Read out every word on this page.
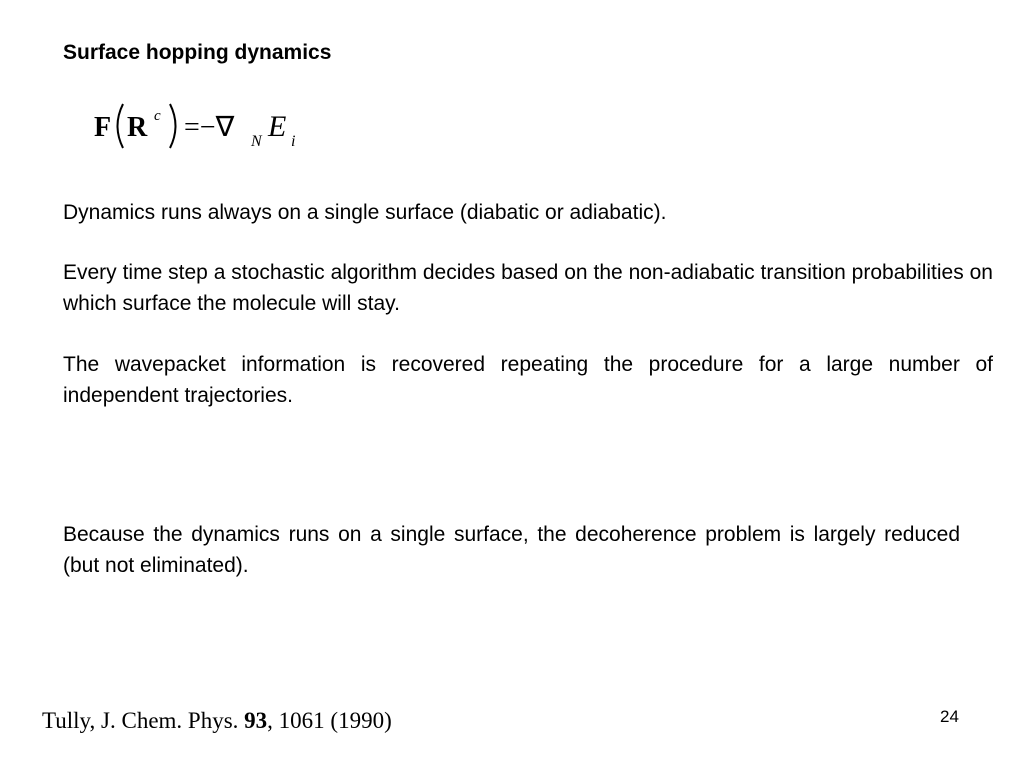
Surface hopping dynamics
F R c =−∇ N E i
Dynamics runs always on a single surface (diabatic or adiabatic).
Every time step a stochastic algorithm decides based on the non-adiabatic transition probabilities on which surface the molecule will stay.
The wavepacket information is recovered repeating the procedure for a large number of independent trajectories.
Because the dynamics runs on a single surface, the decoherence problem is largely reduced (but not eliminated).
Tully, J. Chem. Phys. 93, 1061 (1990)	24
